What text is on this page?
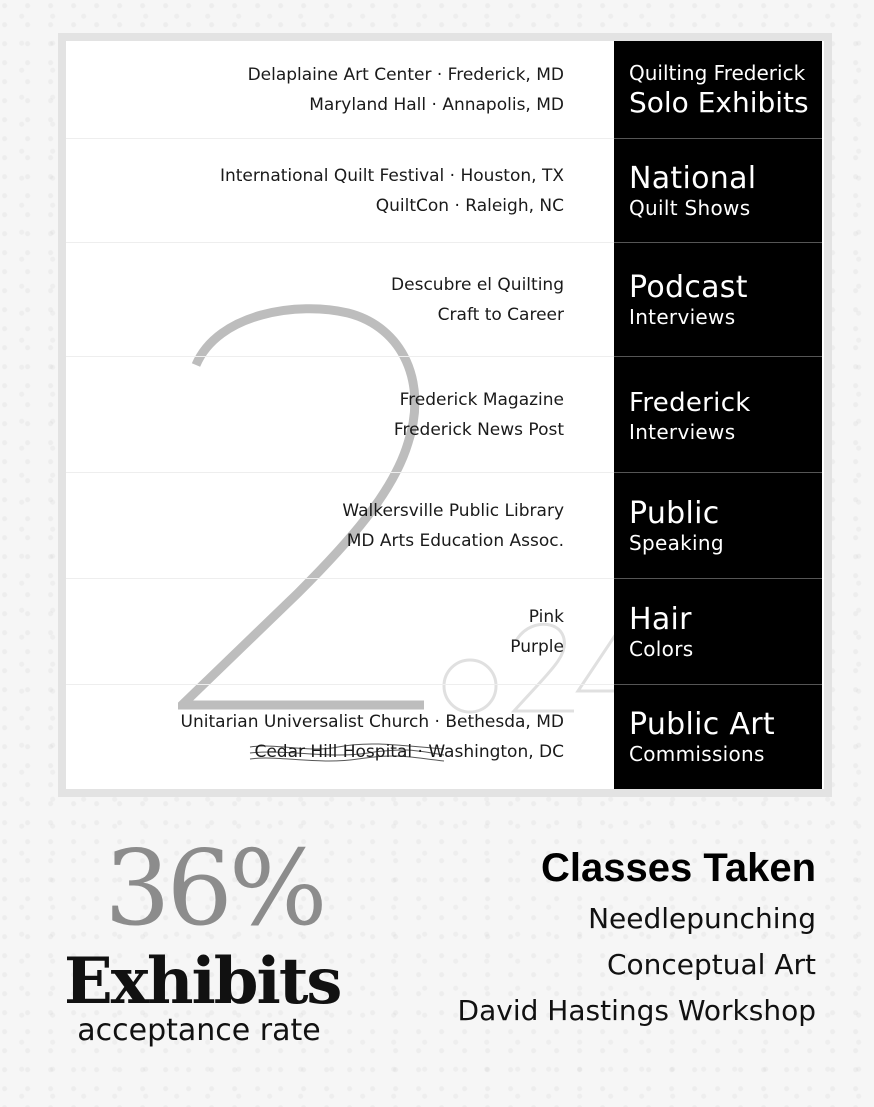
Delaplaine Art Center · Frederick, MD
Maryland Hall · Annapolis, MD
Quilting Frederick
Solo Exhibits
International Quilt Festival · Houston, TX
QuiltCon · Raleigh, NC
National
Quilt Shows
Descubre el Quilting
Craft to Career
Podcast
Interviews
Frederick Magazine
Frederick News Post
Frederick
Interviews
Walkersville Public Library
MD Arts Education Assoc.
Public
Speaking
Pink
Purple
Hair
Colors
Unitarian Universalist Church · Bethesda, MD
Cedar Hill Hospital · Washington, DC
Public Art
Commissions
36%
Exhibits
acceptance rate
Classes Taken
Needlepunching
Conceptual Art
David Hastings Workshop
